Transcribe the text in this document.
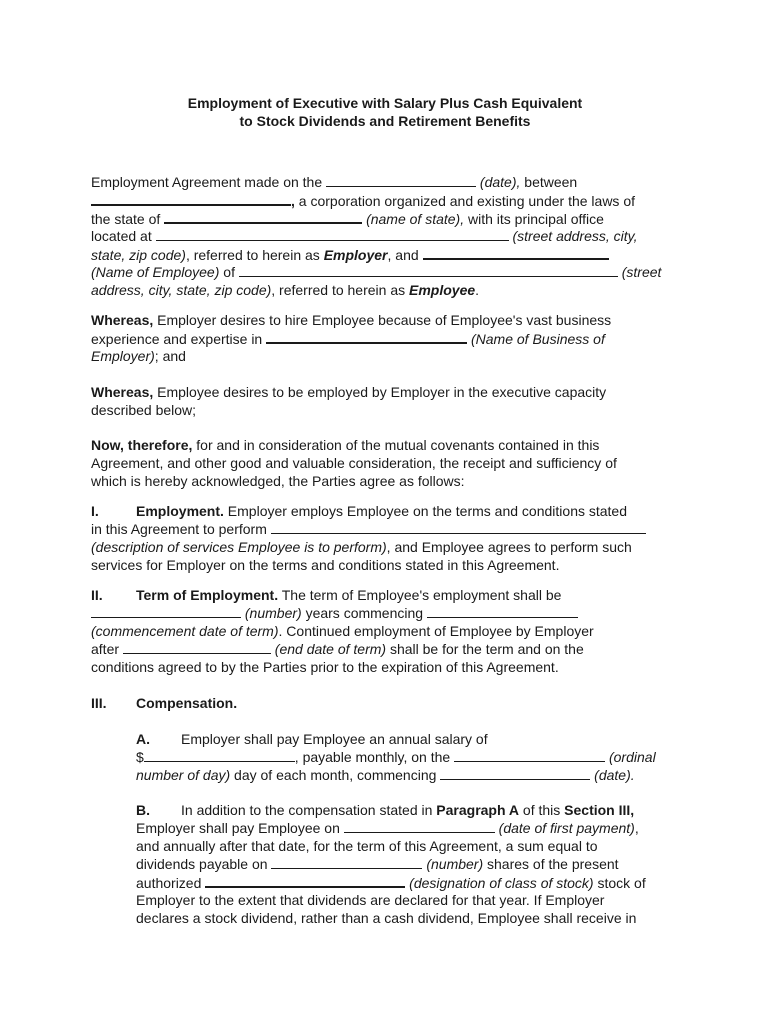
Employment of Executive with Salary Plus Cash Equivalent
to Stock Dividends and Retirement Benefits
Employment Agreement made on the	(date), between
, a corporation organized and existing under the laws of
the state of	(name of state), with its principal office
located at	(street address, city,
state, zip code), referred to herein as Employer, and
(Name of Employee) of	(street
address, city, state, zip code), referred to herein as Employee.
Whereas, Employer desires to hire Employee because of Employee's vast business
experience and expertise in	(Name of Business of
Employer); and
Whereas, Employee desires to be employed by Employer in the executive capacity
described below;
Now, therefore, for and in consideration of the mutual covenants contained in this
Agreement, and other good and valuable consideration, the receipt and sufficiency of
which is hereby acknowledged, the Parties agree as follows:
I.	Employment. Employer employs Employee on the terms and conditions stated
in this Agreement to perform
(description of services Employee is to perform), and Employee agrees to perform such
services for Employer on the terms and conditions stated in this Agreement.
II. Term of Employment. The term of Employee's employment shall be
(number) years commencing
(commencement date of term). Continued employment of Employee by Employer
after	(end date of term) shall be for the term and on the
conditions agreed to by the Parties prior to the expiration of this Agreement.
III. Compensation.
A. Employer shall pay Employee an annual salary of
$	, payable monthly, on the	(ordinal
number of day) day of each month, commencing	(date).
B. In addition to the compensation stated in Paragraph A of this Section III,
Employer shall pay Employee on	(date of first payment),
and annually after that date, for the term of this Agreement, a sum equal to
dividends payable on	(number) shares of the present
authorized	(designation of class of stock) stock of
Employer to the extent that dividends are declared for that year. If Employer
declares a stock dividend, rather than a cash dividend, Employee shall receive in
